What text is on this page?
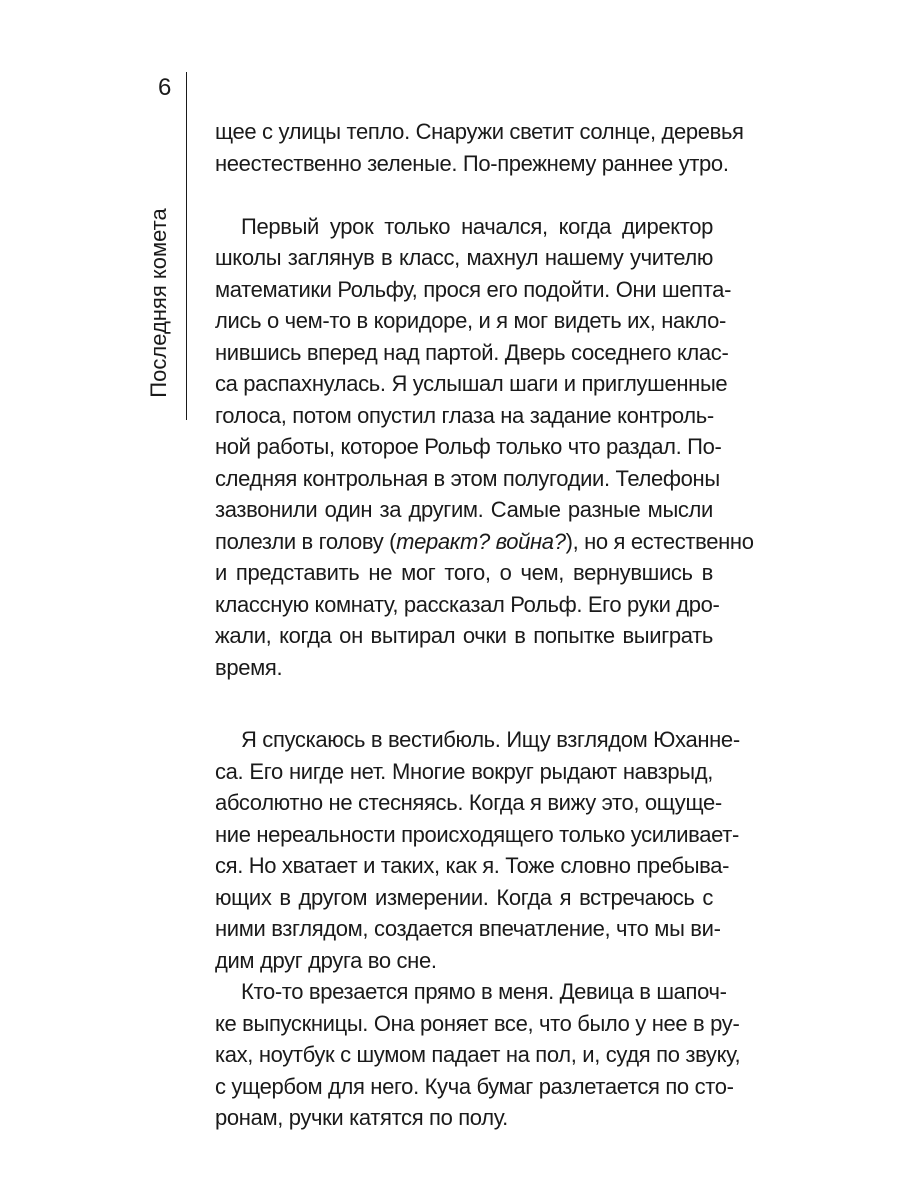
6
Последняя комета
щее с улицы тепло. Снаружи светит солнце, деревья
неестественно зеленые. По-прежнему раннее утро.
Первый урок только начался, когда директор
школы заглянув в класс, махнул нашему учителю
математики Рольфу, прося его подойти. Они шепта-
лись о чем-то в коридоре, и я мог видеть их, накло-
нившись вперед над партой. Дверь соседнего клас-
са распахнулась. Я услышал шаги и приглушенные
голоса, потом опустил глаза на задание контроль-
ной работы, которое Рольф только что раздал. По-
следняя контрольная в этом полугодии. Телефоны
зазвонили один за другим. Самые разные мысли
полезли в голову (теракт? война?), но я естественно
и представить не мог того, о чем, вернувшись в
классную комнату, рассказал Рольф. Его руки дро-
жали, когда он вытирал очки в попытке выиграть
время.
Я спускаюсь в вестибюль. Ищу взглядом Юханне-
са. Его нигде нет. Многие вокруг рыдают навзрыд,
абсолютно не стесняясь. Когда я вижу это, ощуще-
ние нереальности происходящего только усиливает-
ся. Но хватает и таких, как я. Тоже словно пребыва-
ющих в другом измерении. Когда я встречаюсь с
ними взглядом, создается впечатление, что мы ви-
дим друг друга во сне.
Кто-то врезается прямо в меня. Девица в шапоч-
ке выпускницы. Она роняет все, что было у нее в ру-
ках, ноутбук с шумом падает на пол, и, судя по звуку,
с ущербом для него. Куча бумаг разлетается по сто-
ронам, ручки катятся по полу.
